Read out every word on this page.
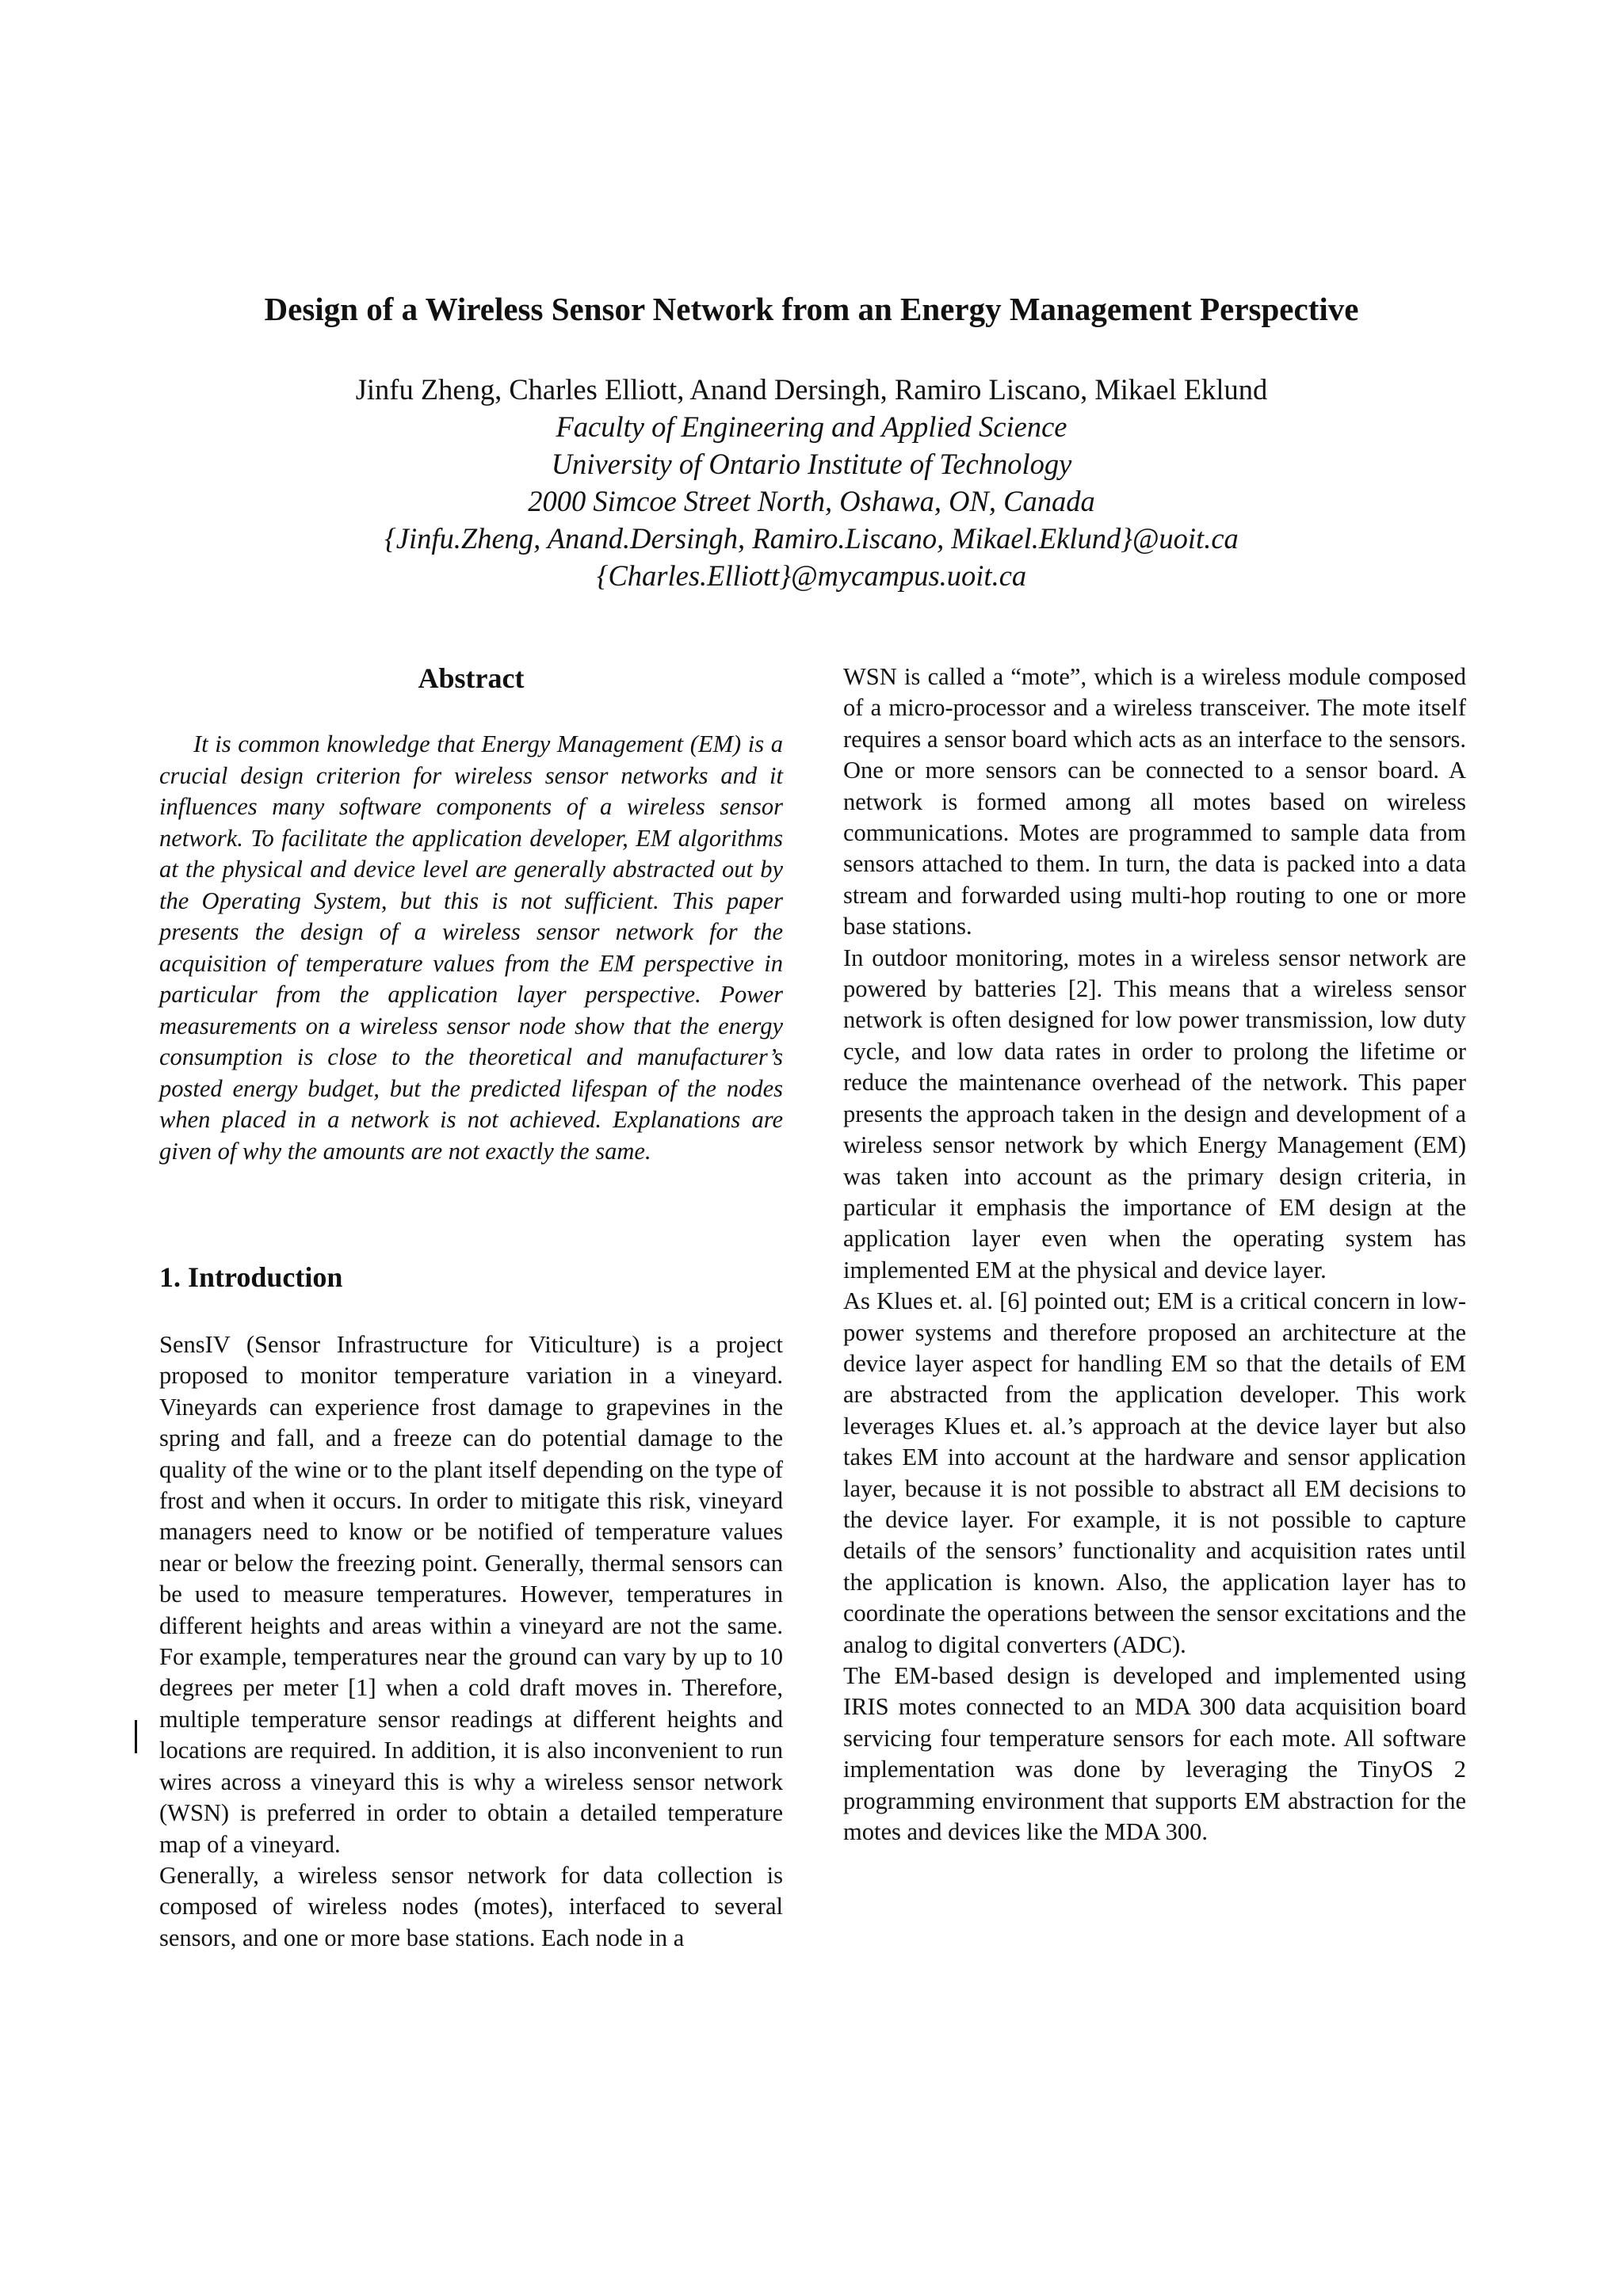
Design of a Wireless Sensor Network from an Energy Management Perspective
Jinfu Zheng, Charles Elliott, Anand Dersingh, Ramiro Liscano, Mikael Eklund
Faculty of Engineering and Applied Science
University of Ontario Institute of Technology
2000 Simcoe Street North, Oshawa, ON, Canada
{Jinfu.Zheng, Anand.Dersingh, Ramiro.Liscano, Mikael.Eklund}@uoit.ca
{Charles.Elliott}@mycampus.uoit.ca
Abstract

It is common knowledge that Energy Management (EM) is a crucial design criterion for wireless sensor networks and it influences many software components of a wireless sensor network. To facilitate the application developer, EM algorithms at the physical and device level are generally abstracted out by the Operating System, but this is not sufficient. This paper presents the design of a wireless sensor network for the acquisition of temperature values from the EM perspective in particular from the application layer perspective. Power measurements on a wireless sensor node show that the energy consumption is close to the theoretical and manufacturer’s posted energy budget, but the predicted lifespan of the nodes when placed in a network is not achieved. Explanations are given of why the amounts are not exactly the same.

1. Introduction

SensIV (Sensor Infrastructure for Viticulture) is a project proposed to monitor temperature variation in a vineyard. Vineyards can experience frost damage to grapevines in the spring and fall, and a freeze can do potential damage to the quality of the wine or to the plant itself depending on the type of frost and when it occurs. In order to mitigate this risk, vineyard managers need to know or be notified of temperature values near or below the freezing point. Generally, thermal sensors can be used to measure temperatures. However, temperatures in different heights and areas within a vineyard are not the same. For example, temperatures near the ground can vary by up to 10 degrees per meter [1] when a cold draft moves in. Therefore, multiple temperature sensor readings at different heights and locations are required. In addition, it is also inconvenient to run wires across a vineyard this is why a wireless sensor network (WSN) is preferred in order to obtain a detailed temperature map of a vineyard.

Generally, a wireless sensor network for data collection is composed of wireless nodes (motes), interfaced to several sensors, and one or more base stations. Each node in a

WSN is called a “mote”, which is a wireless module composed of a micro-processor and a wireless transceiver. The mote itself requires a sensor board which acts as an interface to the sensors. One or more sensors can be connected to a sensor board. A network is formed among all motes based on wireless communications. Motes are programmed to sample data from sensors attached to them. In turn, the data is packed into a data stream and forwarded using multi-hop routing to one or more base stations.

In outdoor monitoring, motes in a wireless sensor network are powered by batteries [2]. This means that a wireless sensor network is often designed for low power transmission, low duty cycle, and low data rates in order to prolong the lifetime or reduce the maintenance overhead of the network. This paper presents the approach taken in the design and development of a wireless sensor network by which Energy Management (EM) was taken into account as the primary design criteria, in particular it emphasis the importance of EM design at the application layer even when the operating system has implemented EM at the physical and device layer.

As Klues et. al. [6] pointed out; EM is a critical concern in low-power systems and therefore proposed an architecture at the device layer aspect for handling EM so that the details of EM are abstracted from the application developer. This work leverages Klues et. al.’s approach at the device layer but also takes EM into account at the hardware and sensor application layer, because it is not possible to abstract all EM decisions to the device layer. For example, it is not possible to capture details of the sensors’ functionality and acquisition rates until the application is known. Also, the application layer has to coordinate the operations between the sensor excitations and the analog to digital converters (ADC).

The EM-based design is developed and implemented using IRIS motes connected to an MDA 300 data acquisition board servicing four temperature sensors for each mote. All software implementation was done by leveraging the TinyOS 2 programming environment that supports EM abstraction for the motes and devices like the MDA 300.
